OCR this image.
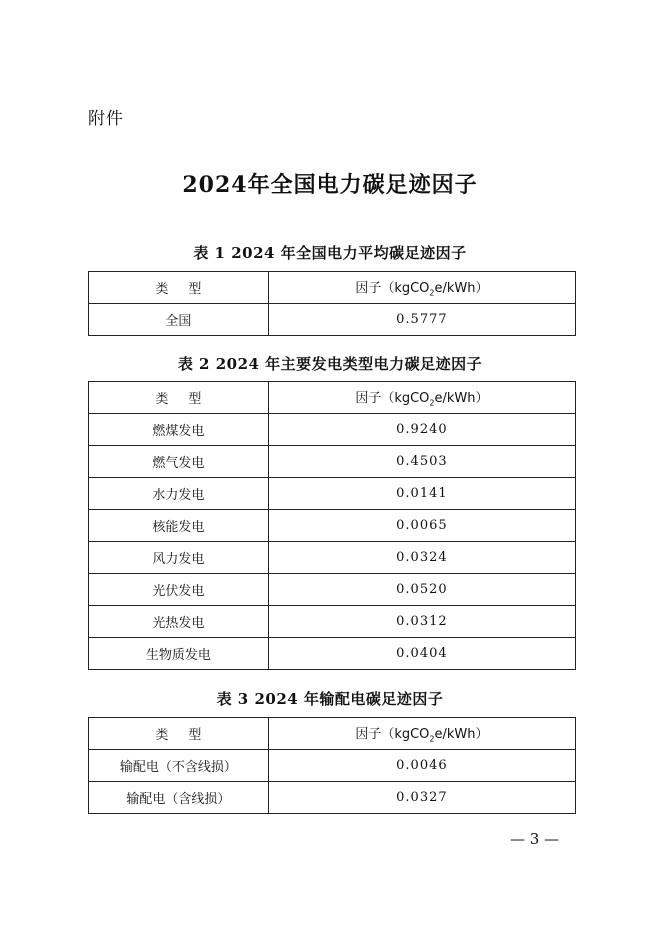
附件
2024年全国电力碳足迹因子
表 1 2024 年全国电力平均碳足迹因子
类型	因子（kgCO$_2$e/kWh）
全国	0.5777
表 2 2024 年主要发电类型电力碳足迹因子
类型	因子（kgCO$_2$e/kWh）
燃煤发电	0.9240
燃气发电	0.4503
水力发电	0.0141
核能发电	0.0065
风力发电	0.0324
光伏发电	0.0520
光热发电	0.0312
生物质发电	0.0404
表 3 2024 年输配电碳足迹因子
类型	因子（kgCO$_2$e/kWh）
输配电（不含线损）	0.0046
输配电（含线损）	0.0327
— 3 —
